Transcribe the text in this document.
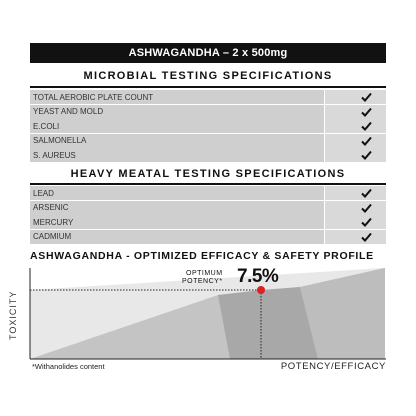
ASHWAGANDHA – 2 x 500mg
MICROBIAL TESTING SPECIFICATIONS
TOTAL AEROBIC PLATE COUNT
YEAST AND MOLD
E.COLI
SALMONELLA
S. AUREUS
HEAVY MEATAL TESTING SPECIFICATIONS
LEAD
ARSENIC
MERCURY
CADMIUM
ASHWAGANDHA - OPTIMIZED EFFICACY & SAFETY PROFILE
OPTIMUM
POTENCY* 7.5%
TOXICITY
*Withanolides content	POTENCY/EFFICACY
